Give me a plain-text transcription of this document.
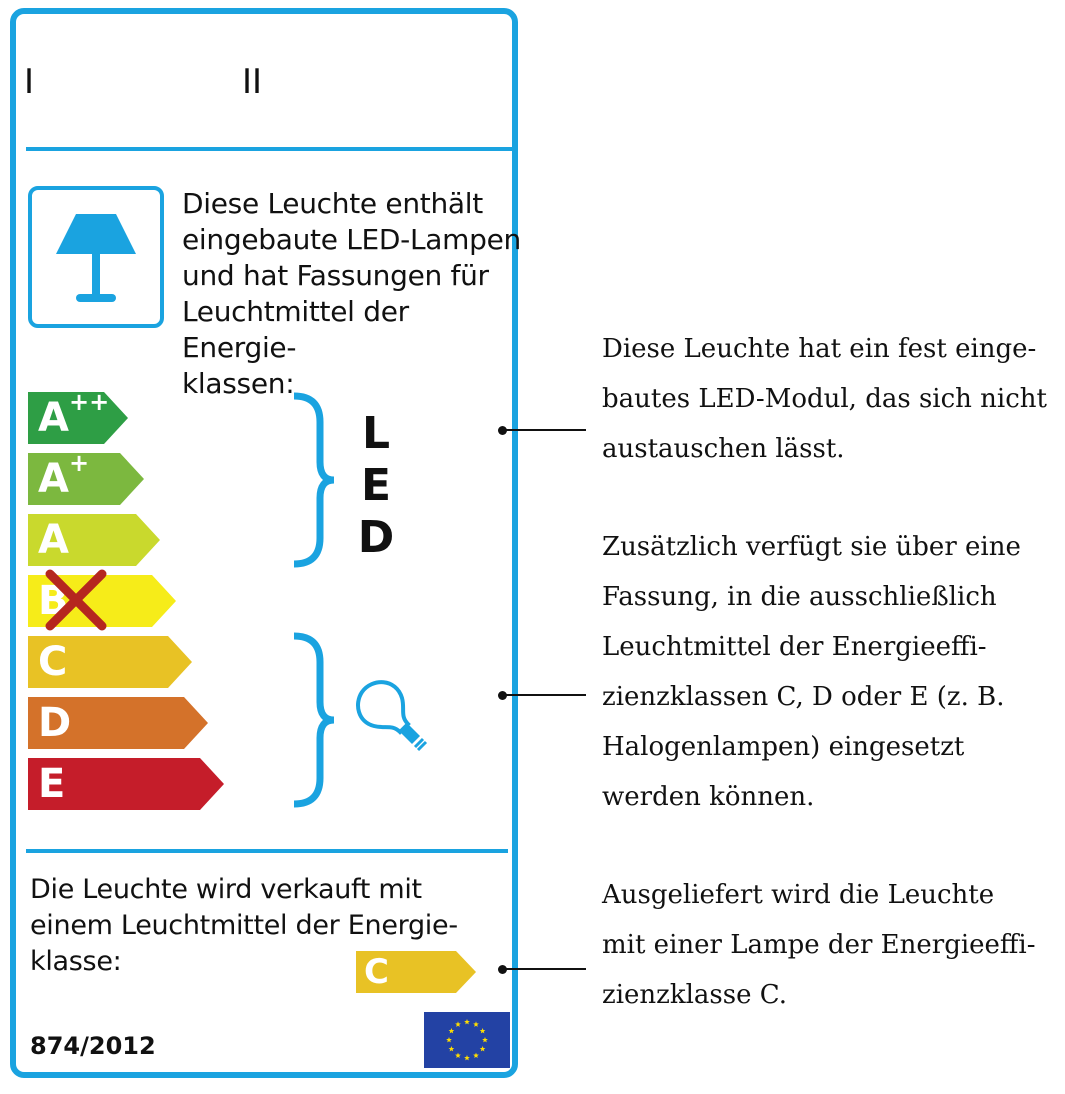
I	II
Diese Leuchte enthält
eingebaute LED-Lampen
und hat Fassungen für
Leuchtmittel der Energie-
klassen:
A++
A+
A
B
C
D
E
L
E
D
Die Leuchte wird verkauft mit
einem Leuchtmittel der Energie-
klasse:	C
874/2012
Diese Leuchte hat ein fest einge-
bautes LED-Modul, das sich nicht
austauschen lässt.
Zusätzlich verfügt sie über eine
Fassung, in die ausschließlich
Leuchtmittel der Energieeffi-
zienzklassen C, D oder E (z. B.
Halogenlampen) eingesetzt
werden können.
Ausgeliefert wird die Leuchte
mit einer Lampe der Energieeffi-
zienzklasse C.
